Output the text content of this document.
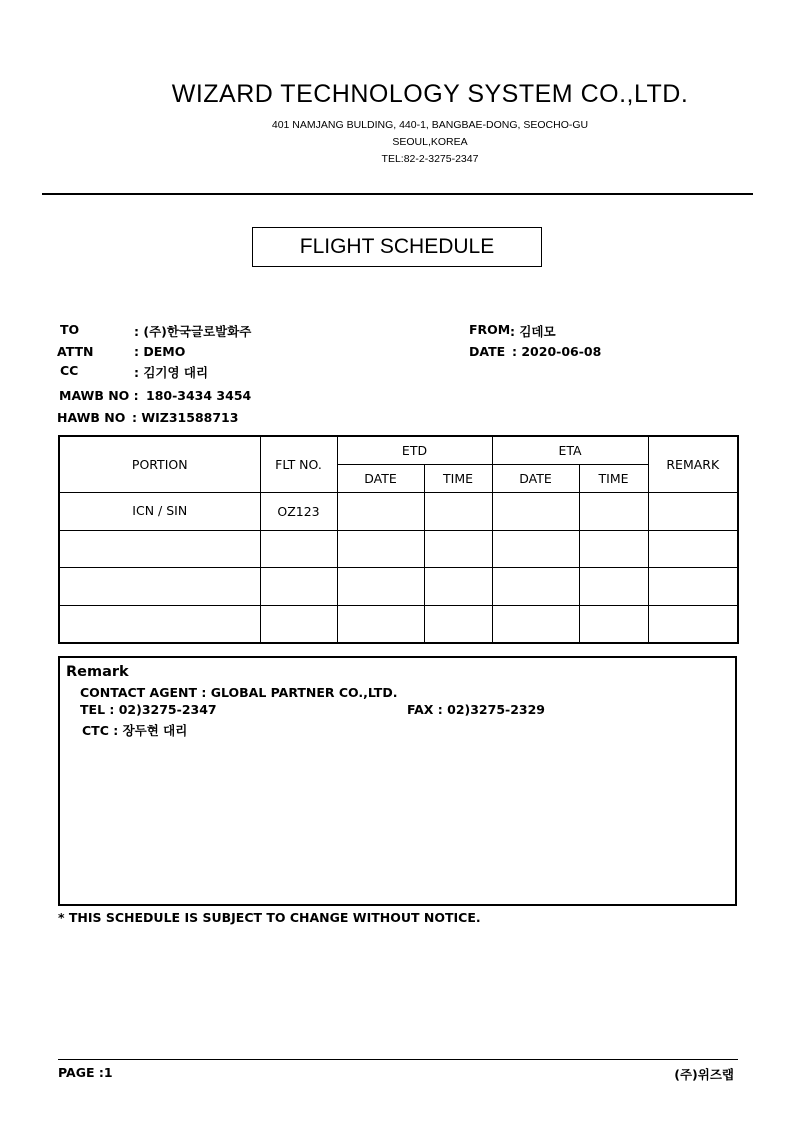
WIZARD TECHNOLOGY SYSTEM CO.,LTD.
401 NAMJANG BULDING, 440-1, BANGBAE-DONG, SEOCHO-GU
SEOUL,KOREA
TEL:82-2-3275-2347
FLIGHT SCHEDULE
TO	: (주)한국글로발화주
ATTN	: DEMO
CC	: 김기영 대리
MAWB NO : 180-3434 3454
HAWB NO : WIZ31588713
FROM : 김데모
DATE : 2020-06-08
PORTION	FLT NO.	ETD		ETA		REMARK
		DATE	TIME	DATE	TIME	
ICN / SIN	OZ123					

Remark
CONTACT AGENT : GLOBAL PARTNER CO.,LTD.
TEL : 02)3275-2347	FAX : 02)3275-2329
CTC : 장두현 대리
* THIS SCHEDULE IS SUBJECT TO CHANGE WITHOUT NOTICE.
PAGE :1	(주)위즈랩
